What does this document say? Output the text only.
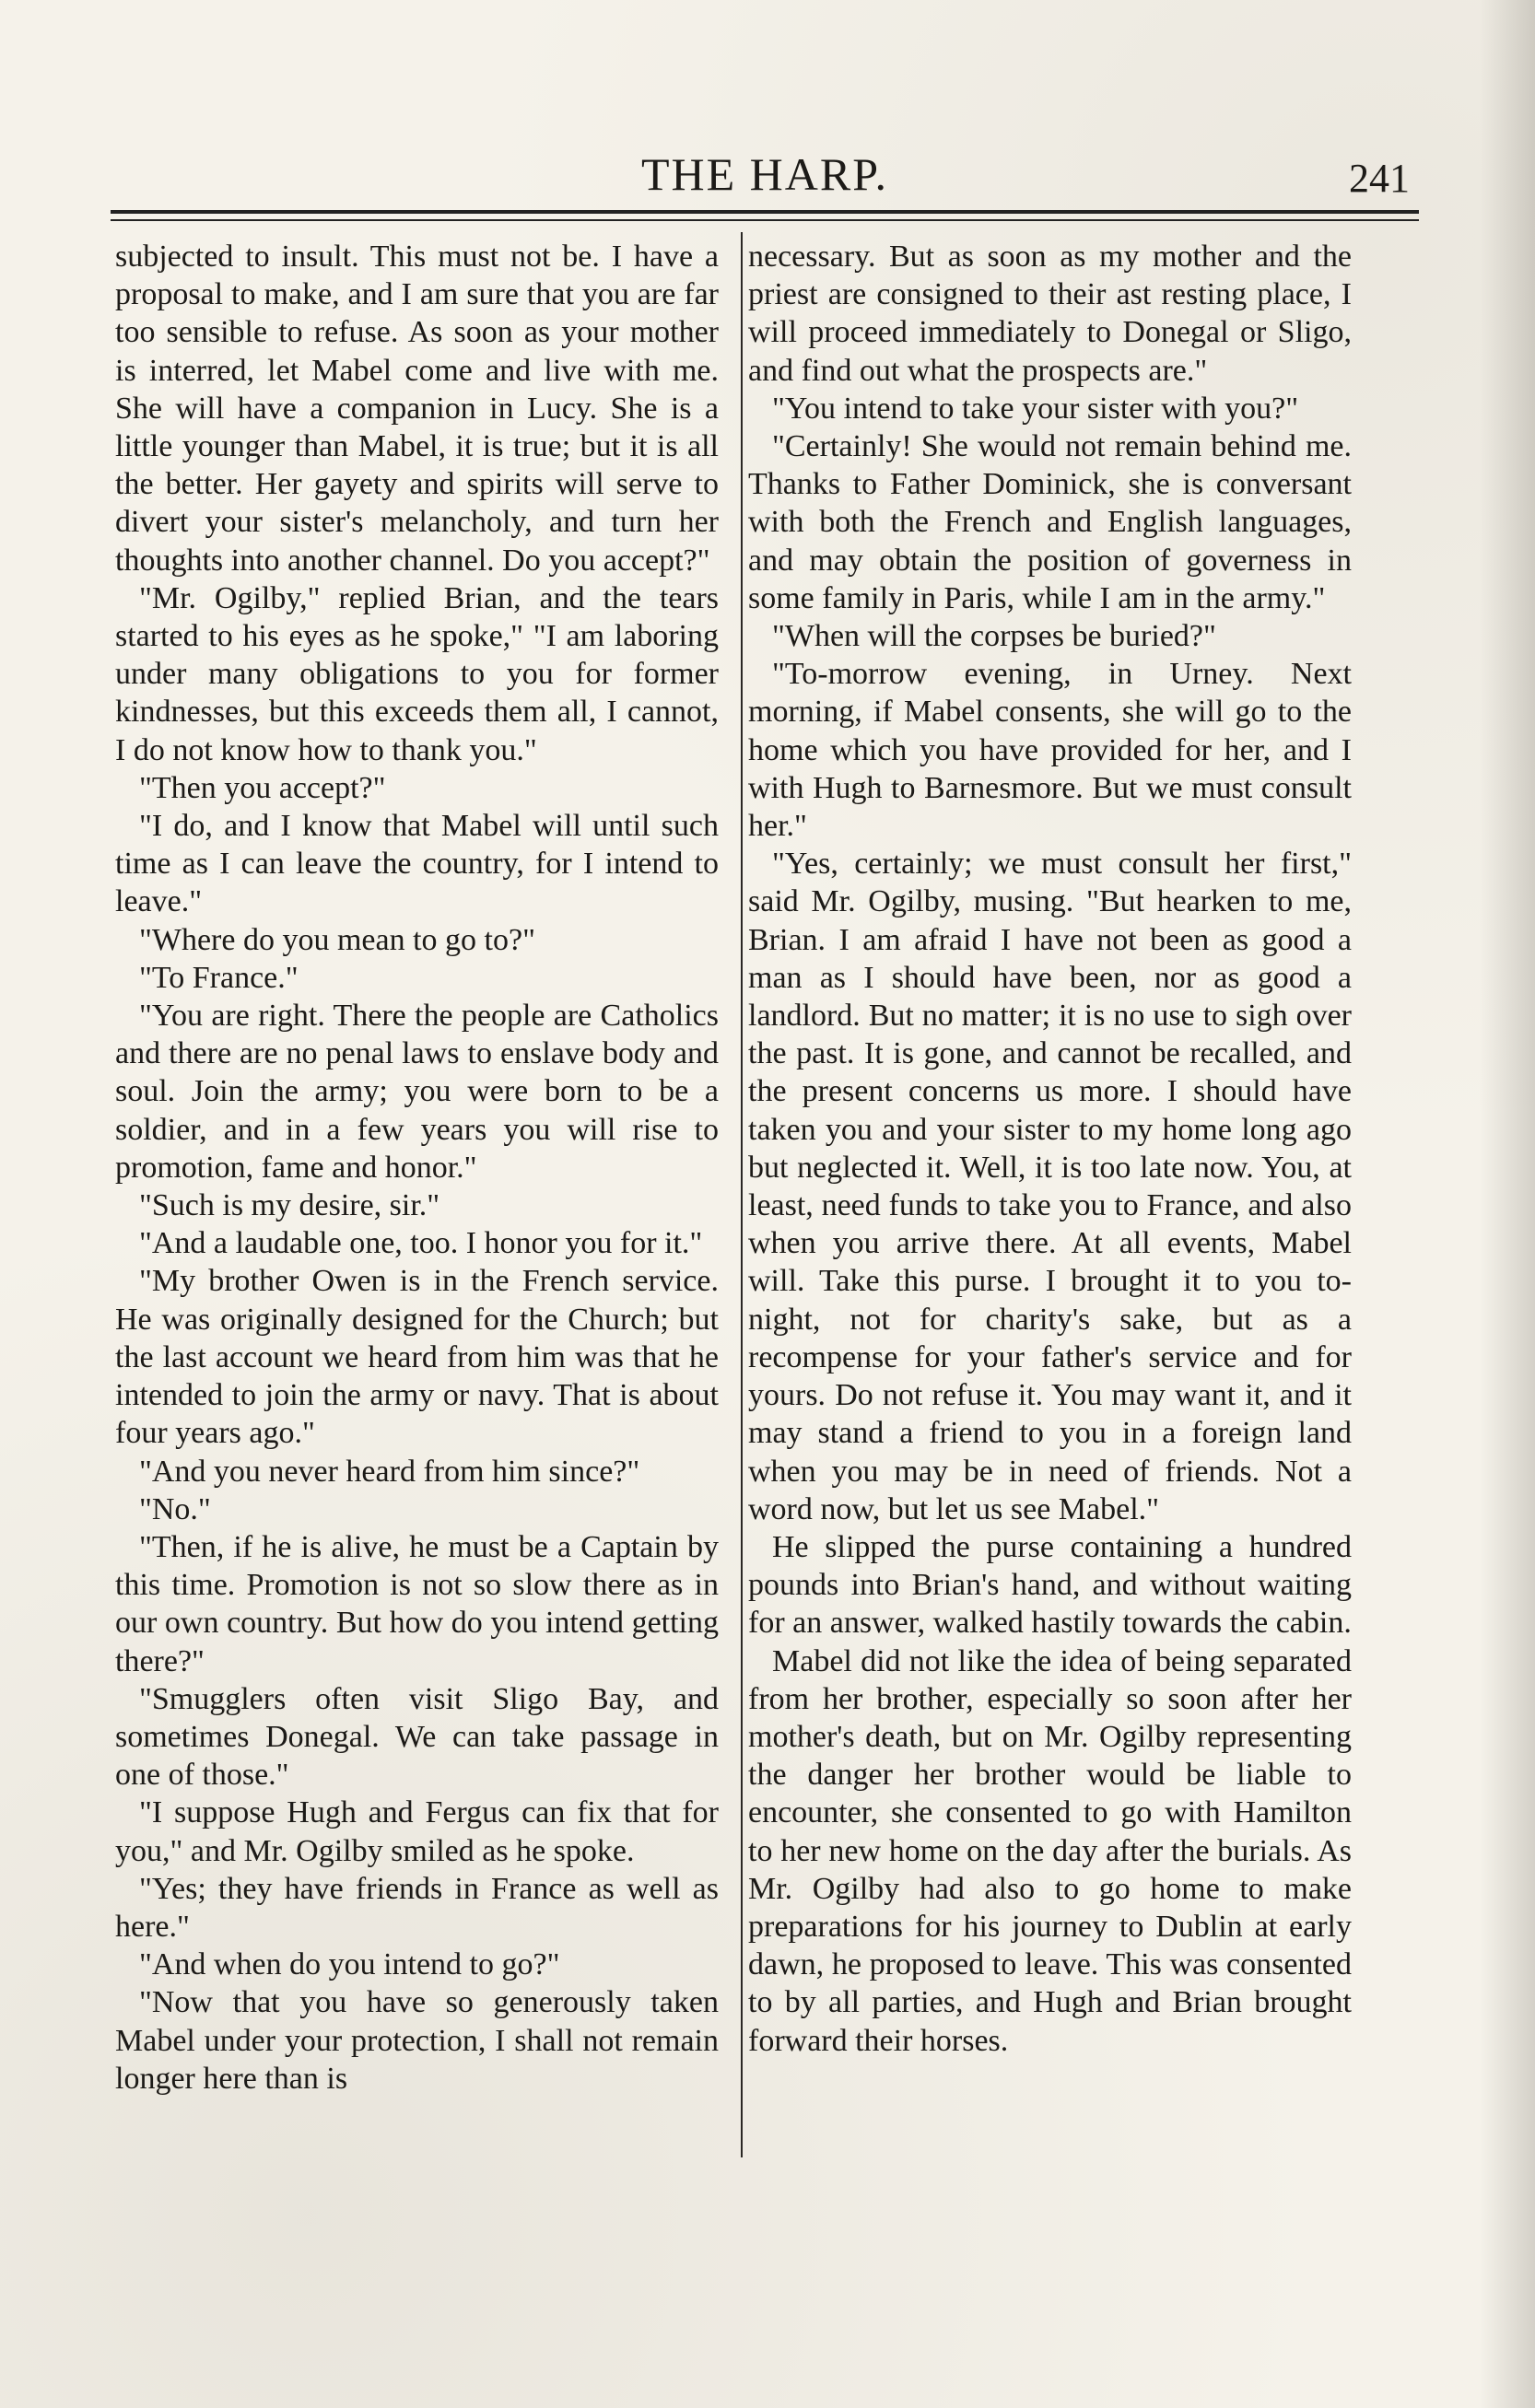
THE HARP.	241

subjected to insult. This must not be. I have a proposal to make, and I am sure that you are far too sensible to refuse. As soon as your mother is interred, let Mabel come and live with me. She will have a companion in Lucy. She is a little younger than Mabel, it is true; but it is all the better. Her gayety and spirits will serve to divert your sister's melancholy, and turn her thoughts into another channel. Do you accept?"

"Mr. Ogilby," replied Brian, and the tears started to his eyes as he spoke," "I am laboring under many obligations to you for former kindnesses, but this exceeds them all, I cannot, I do not know how to thank you."

"Then you accept?"

"I do, and I know that Mabel will until such time as I can leave the country, for I intend to leave."

"Where do you mean to go to?"

"To France."

"You are right. There the people are Catholics and there are no penal laws to enslave body and soul. Join the army; you were born to be a soldier, and in a few years you will rise to promotion, fame and honor."

"Such is my desire, sir."

"And a laudable one, too. I honor you for it."

"My brother Owen is in the French service. He was originally designed for the Church; but the last account we heard from him was that he intended to join the army or navy. That is about four years ago."

"And you never heard from him since?"

"No."

"Then, if he is alive, he must be a Captain by this time. Promotion is not so slow there as in our own country. But how do you intend getting there?"

"Smugglers often visit Sligo Bay, and sometimes Donegal. We can take passage in one of those."

"I suppose Hugh and Fergus can fix that for you," and Mr. Ogilby smiled as he spoke.

"Yes; they have friends in France as well as here."

"And when do you intend to go?"

"Now that you have so generously taken Mabel under your protection, I shall not remain longer here than is

necessary. But as soon as my mother and the priest are consigned to their ast resting place, I will proceed immediately to Donegal or Sligo, and find out what the prospects are."

"You intend to take your sister with you?"

"Certainly! She would not remain behind me. Thanks to Father Dominick, she is conversant with both the French and English languages, and may obtain the position of governess in some family in Paris, while I am in the army."

"When will the corpses be buried?"

"To-morrow evening, in Urney. Next morning, if Mabel consents, she will go to the home which you have provided for her, and I with Hugh to Barnesmore. But we must consult her."

"Yes, certainly; we must consult her first," said Mr. Ogilby, musing. "But hearken to me, Brian. I am afraid I have not been as good a man as I should have been, nor as good a landlord. But no matter; it is no use to sigh over the past. It is gone, and cannot be recalled, and the present concerns us more. I should have taken you and your sister to my home long ago but neglected it. Well, it is too late now. You, at least, need funds to take you to France, and also when you arrive there. At all events, Mabel will. Take this purse. I brought it to you to-night, not for charity's sake, but as a recompense for your father's service and for yours. Do not refuse it. You may want it, and it may stand a friend to you in a foreign land when you may be in need of friends. Not a word now, but let us see Mabel."

He slipped the purse containing a hundred pounds into Brian's hand, and without waiting for an answer, walked hastily towards the cabin.

Mabel did not like the idea of being separated from her brother, especially so soon after her mother's death, but on Mr. Ogilby representing the danger her brother would be liable to encounter, she consented to go with Hamilton to her new home on the day after the burials. As Mr. Ogilby had also to go home to make preparations for his journey to Dublin at early dawn, he proposed to leave. This was consented to by all parties, and Hugh and Brian brought forward their horses.
